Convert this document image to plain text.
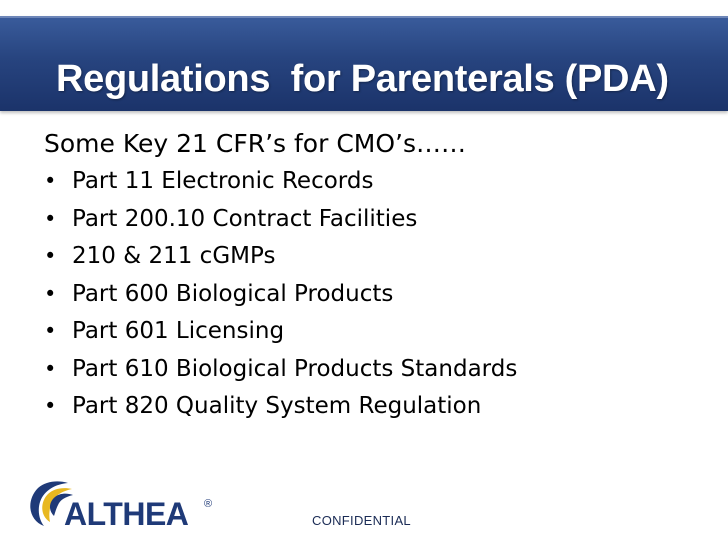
Regulations  for Parenterals (PDA)

Some Key 21 CFR’s for CMO’s……

• Part 11 Electronic Records
• Part 200.10 Contract Facilities
• 210 & 211 cGMPs
• Part 600 Biological Products
• Part 601 Licensing
• Part 610 Biological Products Standards
• Part 820 Quality System Regulation
ALTHEA ®
CONFIDENTIAL
